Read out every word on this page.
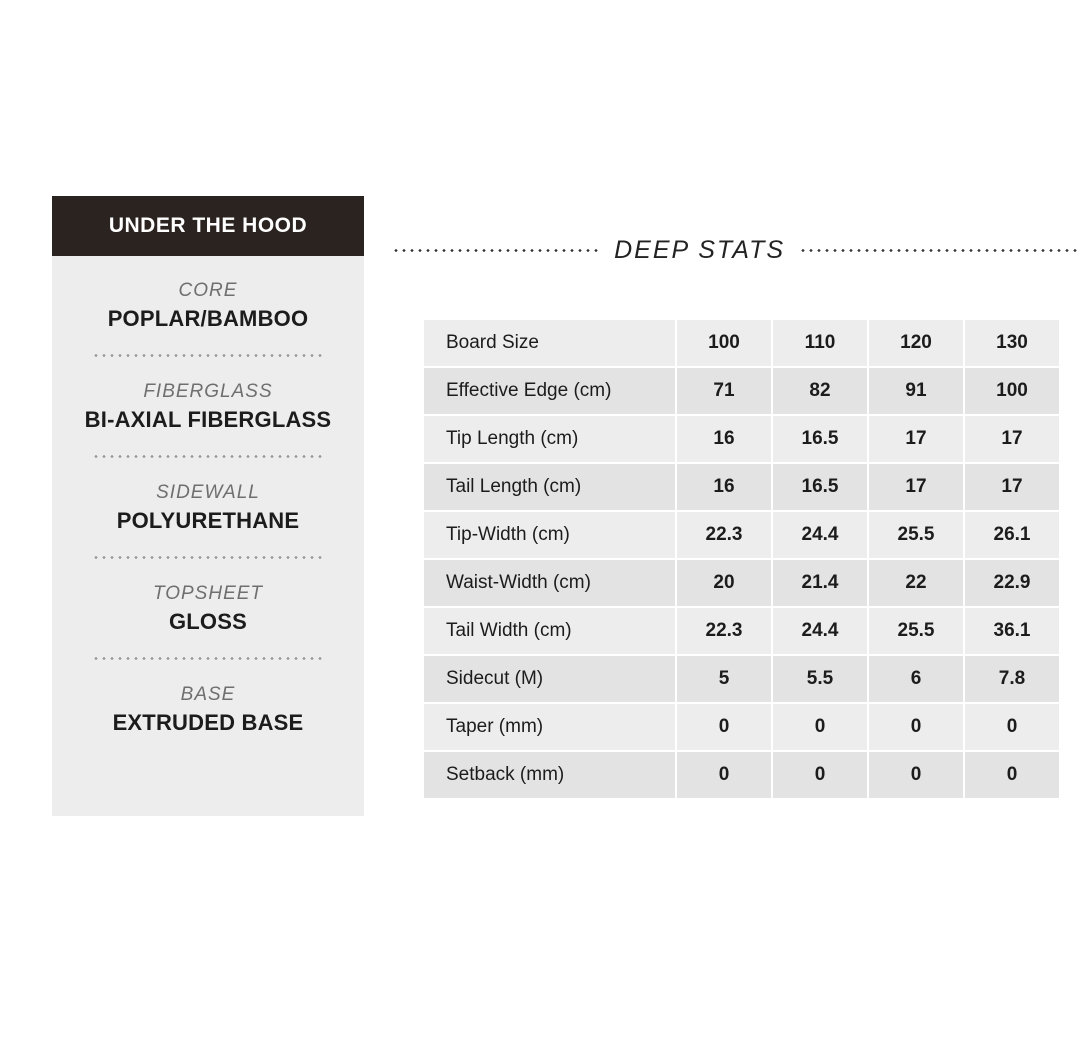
UNDER THE HOOD
CORE
POPLAR/BAMBOO
FIBERGLASS
BI-AXIAL FIBERGLASS
SIDEWALL
POLYURETHANE
TOPSHEET
GLOSS
BASE
EXTRUDED BASE
DEEP STATS
Board Size	100	110	120	130
Effective Edge (cm)	71	82	91	100
Tip Length (cm)	16	16.5	17	17
Tail Length (cm)	16	16.5	17	17
Tip-Width (cm)	22.3	24.4	25.5	26.1
Waist-Width (cm)	20	21.4	22	22.9
Tail Width (cm)	22.3	24.4	25.5	36.1
Sidecut (M)	5	5.5	6	7.8
Taper (mm)	0	0	0	0
Setback (mm)	0	0	0	0
